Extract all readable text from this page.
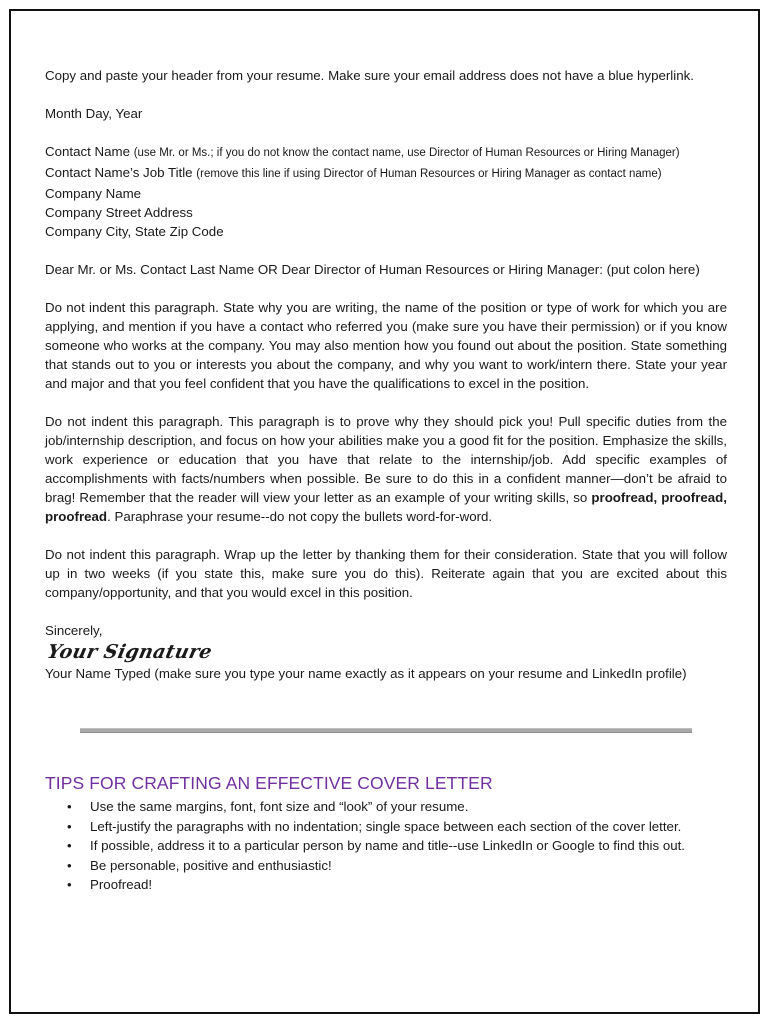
Copy and paste your header from your resume. Make sure your email address does not have a blue hyperlink.

Month Day, Year

Contact Name (use Mr. or Ms.; if you do not know the contact name, use Director of Human Resources or Hiring Manager)

Contact Name’s Job Title (remove this line if using Director of Human Resources or Hiring Manager as contact name)

Company Name

Company Street Address

Company City, State Zip Code

Dear Mr. or Ms. Contact Last Name OR Dear Director of Human Resources or Hiring Manager: (put colon here)

Do not indent this paragraph. State why you are writing, the name of the position or type of work for which you are applying, and mention if you have a contact who referred you (make sure you have their permission) or if you know someone who works at the company. You may also mention how you found out about the position. State something that stands out to you or interests you about the company, and why you want to work/intern there. State your year and major and that you feel confident that you have the qualifications to excel in the position.

Do not indent this paragraph. This paragraph is to prove why they should pick you! Pull specific duties from the job/internship description, and focus on how your abilities make you a good fit for the position. Emphasize the skills, work experience or education that you have that relate to the internship/job. Add specific examples of accomplishments with facts/numbers when possible. Be sure to do this in a confident manner—don’t be afraid to brag! Remember that the reader will view your letter as an example of your writing skills, so proofread, proofread, proofread. Paraphrase your resume--do not copy the bullets word-for-word.

Do not indent this paragraph. Wrap up the letter by thanking them for their consideration. State that you will follow up in two weeks (if you state this, make sure you do this). Reiterate again that you are excited about this company/opportunity, and that you would excel in this position.

Sincerely,

Your Signature

Your Name Typed (make sure you type your name exactly as it appears on your resume and LinkedIn profile)

TIPS FOR CRAFTING AN EFFECTIVE COVER LETTER
• Use the same margins, font, font size and “look” of your resume.
• Left-justify the paragraphs with no indentation; single space between each section of the cover letter.
• If possible, address it to a particular person by name and title--use LinkedIn or Google to find this out.
• Be personable, positive and enthusiastic!
• Proofread!
